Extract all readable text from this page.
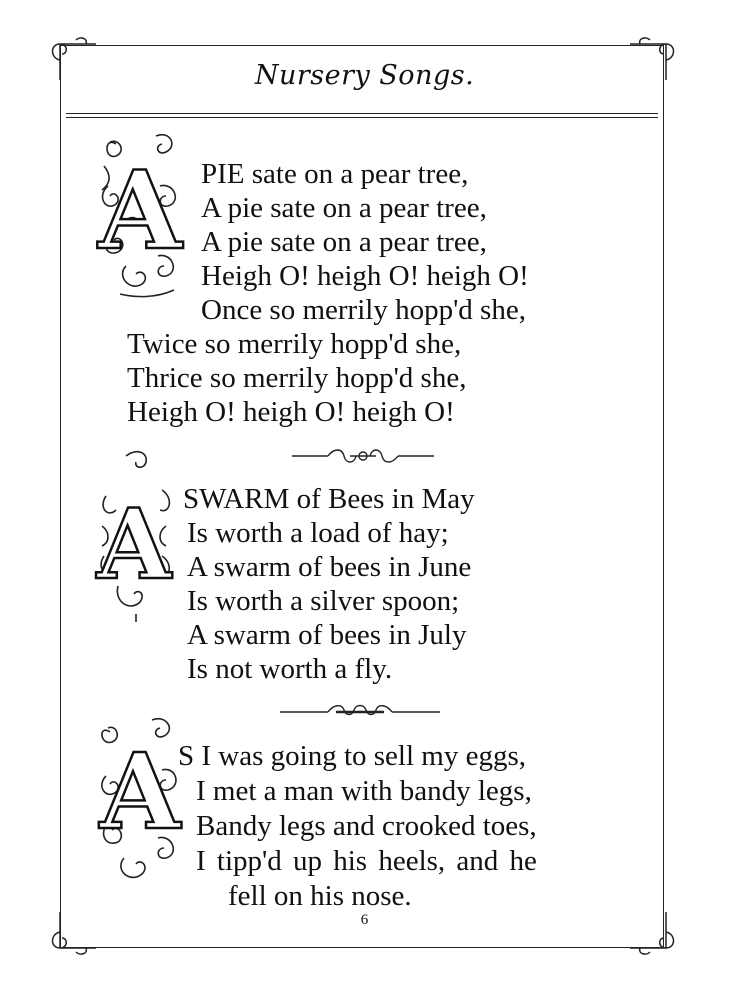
Nursery Songs.
A PIE sate on a pear tree,
A pie sate on a pear tree,
A pie sate on a pear tree,
Heigh O! heigh O! heigh O!
Once so merrily hopp'd she,
Twice so merrily hopp'd she,
Thrice so merrily hopp'd she,
Heigh O! heigh O! heigh O!
A SWARM of Bees in May
Is worth a load of hay;
A swarm of bees in June
Is worth a silver spoon;
A swarm of bees in July
Is not worth a fly.
A
S I was going to sell my eggs,
I met a man with bandy legs,
Bandy legs and crooked toes,
I tipp'd up his heels, and he
fell on his nose.
6
